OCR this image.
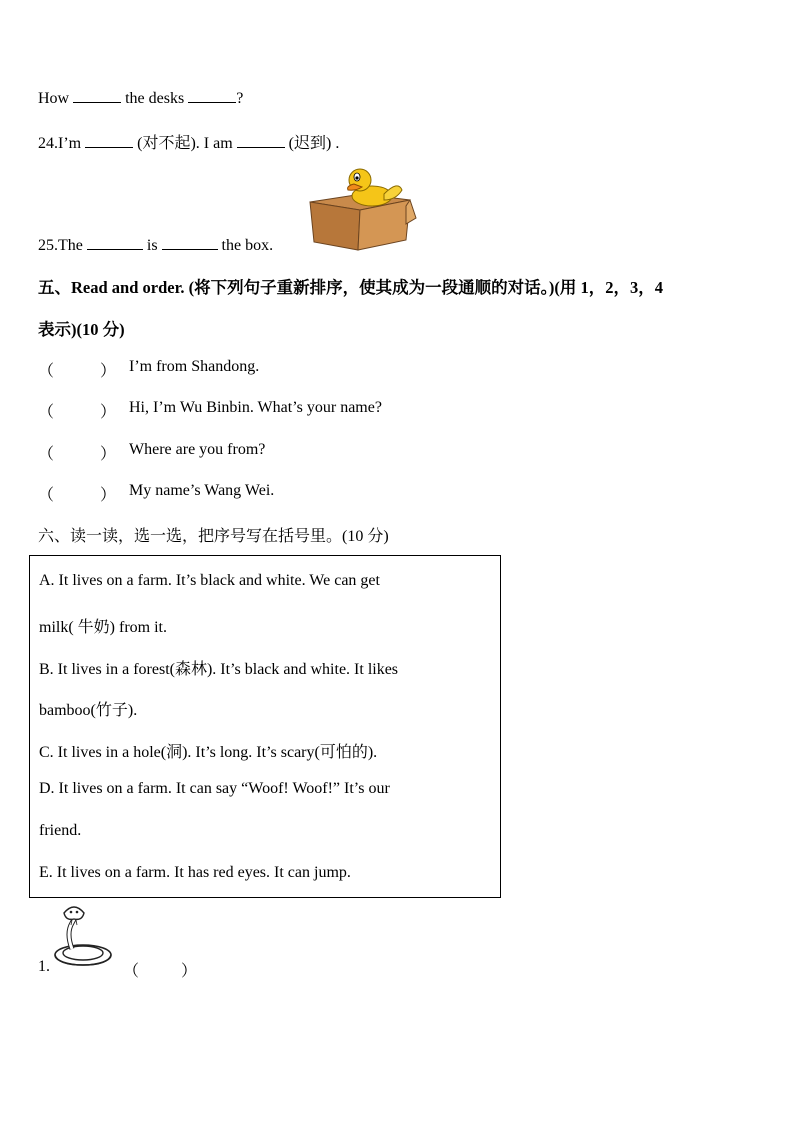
How	the desks	?
24.I’m	(对不起). I am	(迟到) .
25.The	is	the box.
五、Read and order. (将下列句子重新排序，使其成为一段通顺的对话。)(用 1，2，3，4
表示)(10 分)
（	） I’m from Shandong.
（	） Hi, I’m Wu Binbin. What’s your name?
（	） Where are you from?
（	） My name’s Wang Wei.
六、读一读，选一选，把序号写在括号里。(10 分)
A. It lives on a farm. It’s black and white. We can get
milk( 牛奶) from it.
B. It lives in a forest(森林). It’s black and white. It likes
bamboo(竹子).
C. It lives in a hole(洞). It’s long. It’s scary(可怕的).
D. It lives on a farm. It can say “Woof! Woof!” It’s our
friend.
E. It lives on a farm. It has red eyes. It can jump.
1.	（	）
